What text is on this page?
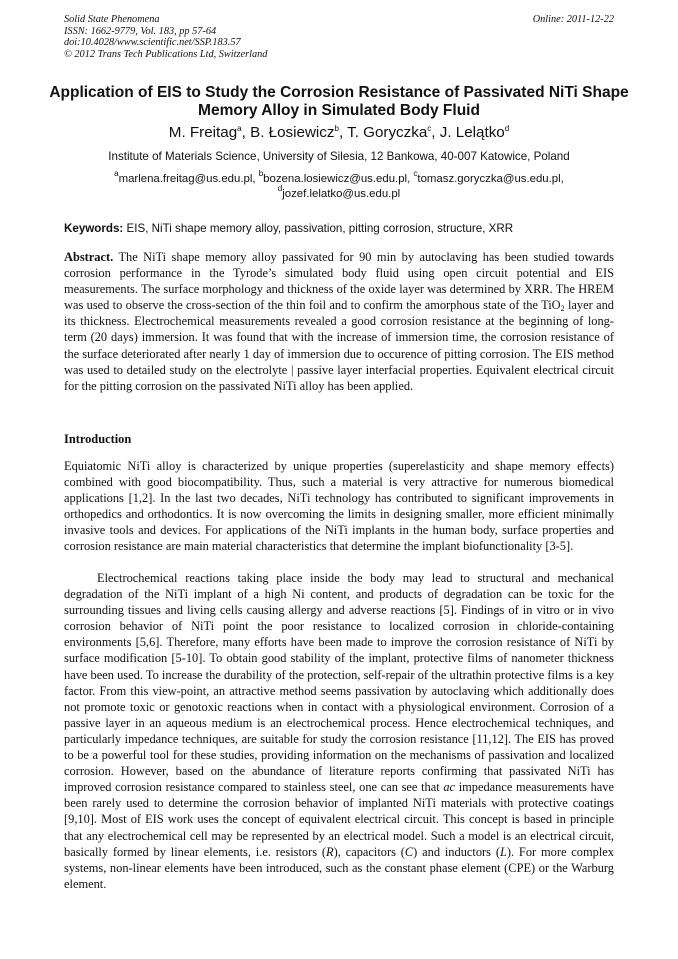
Solid State Phenomena
ISSN: 1662-9779, Vol. 183, pp 57-64
doi:10.4028/www.scientific.net/SSP.183.57
© 2012 Trans Tech Publications Ltd, Switzerland
Online: 2011-12-22
Application of EIS to Study the Corrosion Resistance of Passivated NiTi Shape Memory Alloy in Simulated Body Fluid
M. Freitag$^a$, B. Łosiewicz$^b$, T. Goryczka$^c$, J. Lelątko$^d$
Institute of Materials Science, University of Silesia, 12 Bankowa, 40-007 Katowice, Poland
$^a$marlena.freitag@us.edu.pl, $^b$bozena.losiewicz@us.edu.pl, $^c$tomasz.goryczka@us.edu.pl,
$^d$jozef.lelatko@us.edu.pl
Keywords: EIS, NiTi shape memory alloy, passivation, pitting corrosion, structure, XRR
Abstract. The NiTi shape memory alloy passivated for 90 min by autoclaving has been studied towards corrosion performance in the Tyrode’s simulated body fluid using open circuit potential and EIS measurements. The surface morphology and thickness of the oxide layer was determined by XRR. The HREM was used to observe the cross-section of the thin foil and to confirm the amorphous state of the TiO$_2$ layer and its thickness. Electrochemical measurements revealed a good corrosion resistance at the beginning of long-term (20 days) immersion. It was found that with the increase of immersion time, the corrosion resistance of the surface deteriorated after nearly 1 day of immersion due to occurence of pitting corrosion. The EIS method was used to detailed study on the electrolyte | passive layer interfacial properties. Equivalent electrical circuit for the pitting corrosion on the passivated NiTi alloy has been applied.
Introduction
Equiatomic NiTi alloy is characterized by unique properties (superelasticity and shape memory effects) combined with good biocompatibility. Thus, such a material is very attractive for numerous biomedical applications [1,2]. In the last two decades, NiTi technology has contributed to significant improvements in orthopedics and orthodontics. It is now overcoming the limits in designing smaller, more efficient minimally invasive tools and devices. For applications of the NiTi implants in the human body, surface properties and corrosion resistance are main material characteristics that determine the implant biofunctionality [3-5].
Electrochemical reactions taking place inside the body may lead to structural and mechanical degradation of the NiTi implant of a high Ni content, and products of degradation can be toxic for the surrounding tissues and living cells causing allergy and adverse reactions [5]. Findings of in vitro or in vivo corrosion behavior of NiTi point the poor resistance to localized corrosion in chloride-containing environments [5,6]. Therefore, many efforts have been made to improve the corrosion resistance of NiTi by surface modification [5-10]. To obtain good stability of the implant, protective films of nanometer thickness have been used. To increase the durability of the protection, self-repair of the ultrathin protective films is a key factor. From this view-point, an attractive method seems passivation by autoclaving which additionally does not promote toxic or genotoxic reactions when in contact with a physiological environment. Corrosion of a passive layer in an aqueous medium is an electrochemical process. Hence electrochemical techniques, and particularly impedance techniques, are suitable for study the corrosion resistance [11,12]. The EIS has proved to be a powerful tool for these studies, providing information on the mechanisms of passivation and localized corrosion. However, based on the abundance of literature reports confirming that passivated NiTi has improved corrosion resistance compared to stainless steel, one can see that ac impedance measurements have been rarely used to determine the corrosion behavior of implanted NiTi materials with protective coatings [9,10]. Most of EIS work uses the concept of equivalent electrical circuit. This concept is based in principle that any electrochemical cell may be represented by an electrical model. Such a model is an electrical circuit, basically formed by linear elements, i.e. resistors (R), capacitors (C) and inductors (L). For more complex systems, non-linear elements have been introduced, such as the constant phase element (CPE) or the Warburg element.
